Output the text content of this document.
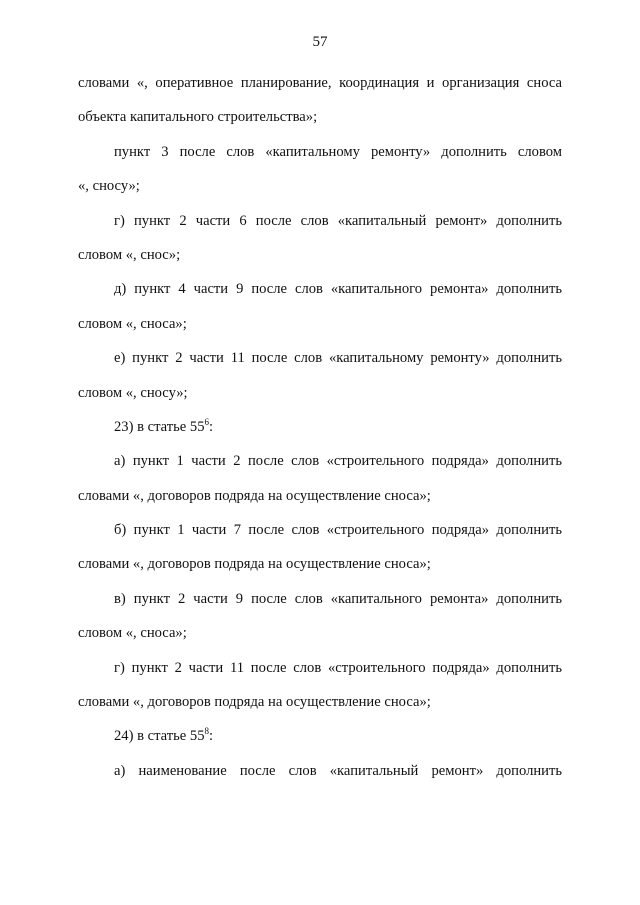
57
словами «, оперативное планирование, координация и организация сноса
объекта капитального строительства»;
пункт 3 после слов «капитальному ремонту» дополнить словом
«, сносу»;
г) пункт 2 части 6 после слов «капитальный ремонт» дополнить
словом «, снос»;
д) пункт 4 части 9 после слов «капитального ремонта» дополнить
словом «, сноса»;
е) пункт 2 части 11 после слов «капитальному ремонту» дополнить
словом «, сносу»;
23) в статье $55^6$:
а) пункт 1 части 2 после слов «строительного подряда» дополнить
словами «, договоров подряда на осуществление сноса»;
б) пункт 1 части 7 после слов «строительного подряда» дополнить
словами «, договоров подряда на осуществление сноса»;
в) пункт 2 части 9 после слов «капитального ремонта» дополнить
словом «, сноса»;
г) пункт 2 части 11 после слов «строительного подряда» дополнить
словами «, договоров подряда на осуществление сноса»;
24) в статье $55^8$:
а) наименование после слов «капитальный ремонт» дополнить
